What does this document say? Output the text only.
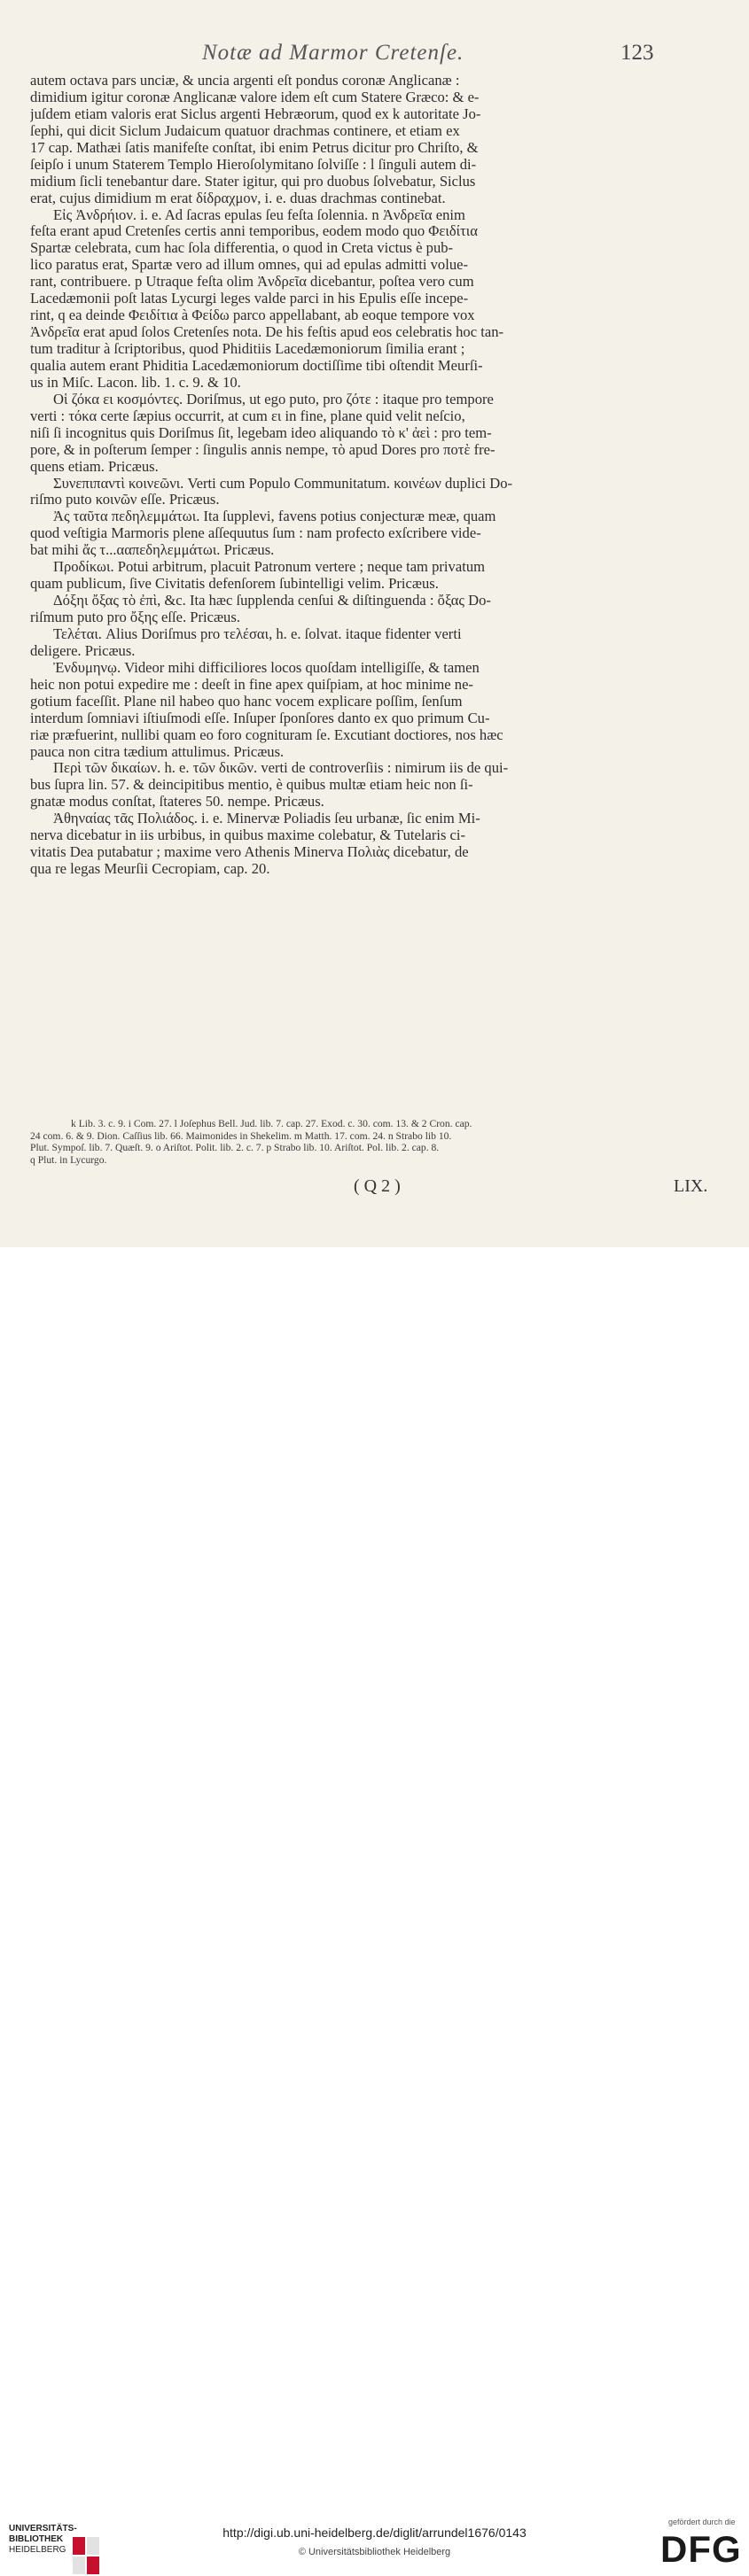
Notæ ad Marmor Cretenſe.	123
autem octava pars unciæ, & uncia argenti eſt pondus coronæ Anglicanæ :
dimidium igitur coronæ Anglicanæ valore idem eſt cum Statere Græco: & e-
juſdem etiam valoris erat Siclus argenti Hebræorum, quod ex k autoritate Jo-
ſephi, qui dicit Siclum Judaicum quatuor drachmas continere, et etiam ex
17 cap. Mathæi ſatis manifeſte conſtat, ibi enim Petrus dicitur pro Chriſto, &
ſeipſo i unum Staterem Templo Hieroſolymitano ſolviſſe : l ſinguli autem di-
midium ſicli tenebantur dare. Stater igitur, qui pro duobus ſolvebatur, Siclus
erat, cujus dimidium m erat δίδραχμον, i. e. duas drachmas continebat.
Εἰς Ἀνδρήιον. i. e. Ad ſacras epulas ſeu feſta ſolennia. n Ἀνδρεῖα enim
feſta erant apud Cretenſes certis anni temporibus, eodem modo quo Φειδίτια
Spartæ celebrata, cum hac ſola differentia, o quod in Creta victus è pub-
lico paratus erat, Spartæ vero ad illum omnes, qui ad epulas admitti volue-
rant, contribuere. p Utraque feſta olim Ἀνδρεῖα dicebantur, poſtea vero cum
Lacedæmonii poſt latas Lycurgi leges valde parci in his Epulis eſſe incepe-
rint, q ea deinde Φειδίτια à Φείδω parco appellabant, ab eoque tempore vox
Ἀνδρεῖα erat apud ſolos Cretenſes nota. De his feſtis apud eos celebratis hoc tan-
tum traditur à ſcriptoribus, quod Phiditiis Lacedæmoniorum ſimilia erant ;
qualia autem erant Phiditia Lacedæmoniorum doctiſſime tibi oſtendit Meurſi-
us in Miſc. Lacon. lib. 1. c. 9. & 10.
Οἱ ζόκα ει κοσμόντες. Doriſmus, ut ego puto, pro ζότε : itaque pro tempore
verti : τόκα certe ſæpius occurrit, at cum ει in fine, plane quid velit neſcio,
niſi ſi incognitus quis Doriſmus ſit, legebam ideo aliquando τὸ κ' ἀεὶ : pro tem-
pore, & in poſterum ſemper : ſingulis annis nempe, τὸ apud Dores pro ποτὲ fre-
quens etiam. Pricæus.
Συνεπιπαντὶ κοινεῶνι. Verti cum Populo Communitatum. κοινέων duplici Do-
riſmo puto κοινῶν eſſe. Pricæus.
Ἀς ταῦτα πεδηλεμμάτωι. Ita ſupplevi, favens potius conjecturæ meæ, quam
quod veſtigia Marmoris plene aſſequutus ſum : nam profecto exſcribere vide-
bat mihi ἄς τ...ααπεδηλεμμάτωι. Pricæus.
Προδίκωι. Potui arbitrum, placuit Patronum vertere ; neque tam privatum
quam publicum, ſive Civitatis defenſorem ſubintelligi velim. Pricæus.
Δόξηι ὄξας τὸ ἐπὶ, &c. Ita hæc ſupplenda cenſui & diſtinguenda : ὄξας Do-
riſmum puto pro ὄξης eſſe. Pricæus.
Τελέται. Alius Doriſmus pro τελέσαι, h. e. ſolvat. itaque fidenter verti
deligere. Pricæus.
Ἐνδυμηνῳ. Videor mihi difficiliores locos quoſdam intelligiſſe, & tamen
heic non potui expedire me : deeſt in fine apex quiſpiam, at hoc minime ne-
gotium faceſſit. Plane nil habeo quo hanc vocem explicare poſſim, ſenſum
interdum ſomniavi iſtiuſmodi eſſe. Inſuper ſponſores danto ex quo primum Cu-
riæ præfuerint, nullibi quam eo foro cognituram ſe. Excutiant doctiores, nos hæc
pauca non citra tædium attulimus. Pricæus.
Περὶ τῶν δικαίων. h. e. τῶν δικῶν. verti de controverſiis : nimirum iis de qui-
bus ſupra lin. 57. & deincipitibus mentio, è quibus multæ etiam heic non ſi-
gnatæ modus conſtat, ſtateres 50. nempe. Pricæus.
Ἀθηναίας τᾶς Πολιάδος. i. e. Minervæ Poliadis ſeu urbanæ, ſic enim Mi-
nerva dicebatur in iis urbibus, in quibus maxime colebatur, & Tutelaris ci-
vitatis Dea putabatur ; maxime vero Athenis Minerva Πολιὰς dicebatur, de
qua re legas Meurſii Cecropiam, cap. 20.
k Lib. 3. c. 9. i Com. 27. l Joſephus Bell. Jud. lib. 7. cap. 27. Exod. c. 30. com. 13. & 2 Cron. cap.
24 com. 6. & 9. Dion. Caſſius lib. 66. Maimonides in Shekelim. m Matth. 17. com. 24. n Strabo lib 10.
Plut. Sympoſ. lib. 7. Quæſt. 9. o Ariſtot. Polit. lib. 2. c. 7. p Strabo lib. 10. Ariſtot. Pol. lib. 2. cap. 8.
q Plut. in Lycurgo.
( Q 2 )	LIX.
UNIVERSITÄTS-
BIBLIOTHEK
HEIDELBERG
http://digi.ub.uni-heidelberg.de/diglit/arrundel1676/0143
© Universitätsbibliothek Heidelberg
gefördert durch die
DFG
